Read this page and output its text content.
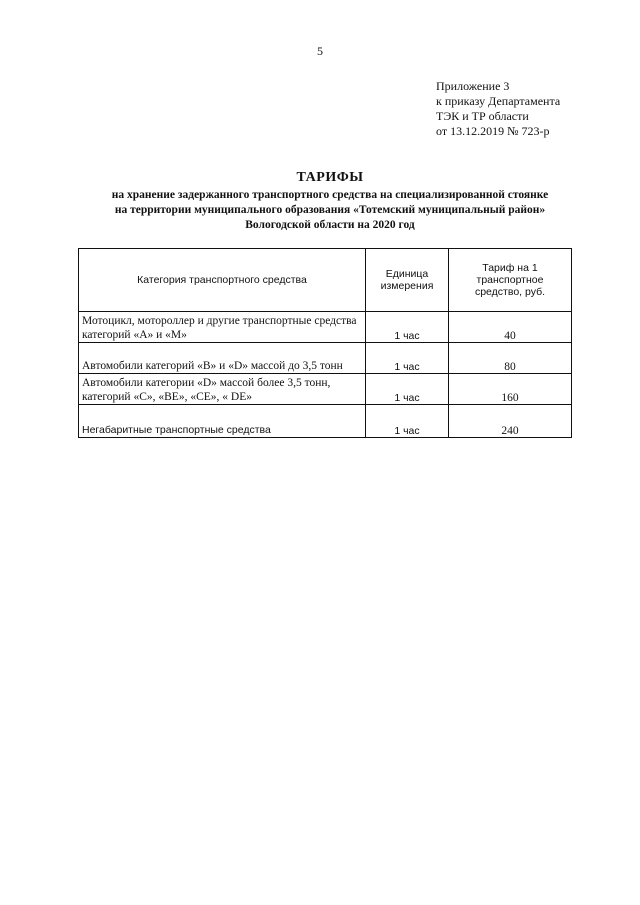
5
Приложение 3
к приказу Департамента
ТЭК и ТР области
от 13.12.2019 № 723-р
ТАРИФЫ
на хранение задержанного транспортного средства на специализированной стоянке
на территории муниципального образования «Тотемский муниципальный район»
Вологодской области на 2020 год
Категория транспортного средства	Единица измерения	Тариф на 1 транспортное средство, руб.
Мотоцикл, мотороллер и другие транспортные средства категорий «А» и «М»	1 час	40
Автомобили категорий «В» и «D» массой до 3,5 тонн	1 час	80
Автомобили категории «D» массой более 3,5 тонн, категорий «С», «BE», «СЕ», « DE»	1 час	160
Негабаритные транспортные средства	1 час	240
